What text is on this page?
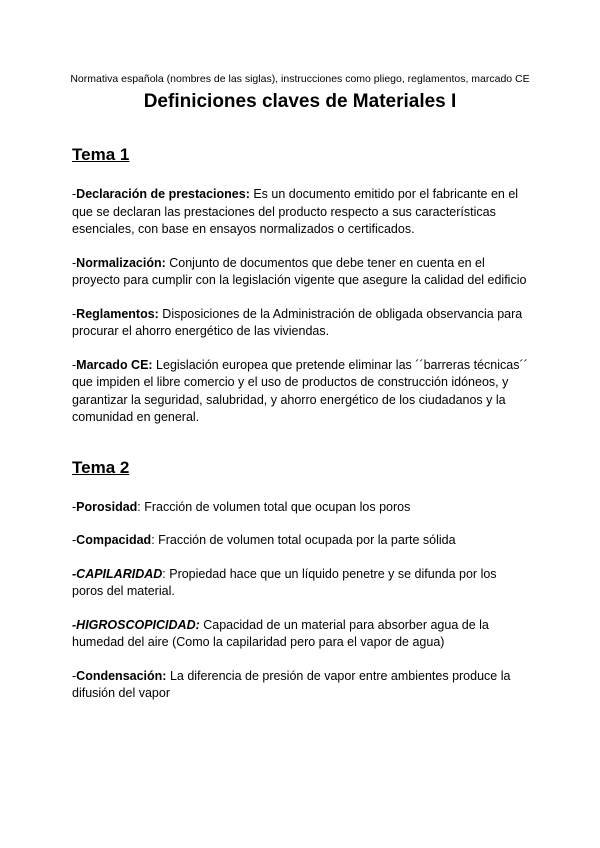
Normativa española (nombres de las siglas), instrucciones como pliego, reglamentos, marcado CE
Definiciones claves de Materiales I
Tema 1

-Declaración de prestaciones: Es un documento emitido por el fabricante en el que se declaran las prestaciones del producto respecto a sus características esenciales, con base en ensayos normalizados o certificados.

-Normalización: Conjunto de documentos que debe tener en cuenta en el proyecto para cumplir con la legislación vigente que asegure la calidad del edificio

-Reglamentos: Disposiciones de la Administración de obligada observancia para procurar el ahorro energético de las viviendas.

-Marcado CE: Legislación europea que pretende eliminar las ´´barreras técnicas´´ que impiden el libre comercio y el uso de productos de construcción idóneos, y garantizar la seguridad, salubridad, y ahorro energético de los ciudadanos y la comunidad en general.

Tema 2

-Porosidad: Fracción de volumen total que ocupan los poros

-Compacidad: Fracción de volumen total ocupada por la parte sólida

-CAPILARIDAD: Propiedad hace que un líquido penetre y se difunda por los poros del material.

-HIGROSCOPICIDAD: Capacidad de un material para absorber agua de la humedad del aire (Como la capilaridad pero para el vapor de agua)

-Condensación: La diferencia de presión de vapor entre ambientes produce la difusión del vapor
